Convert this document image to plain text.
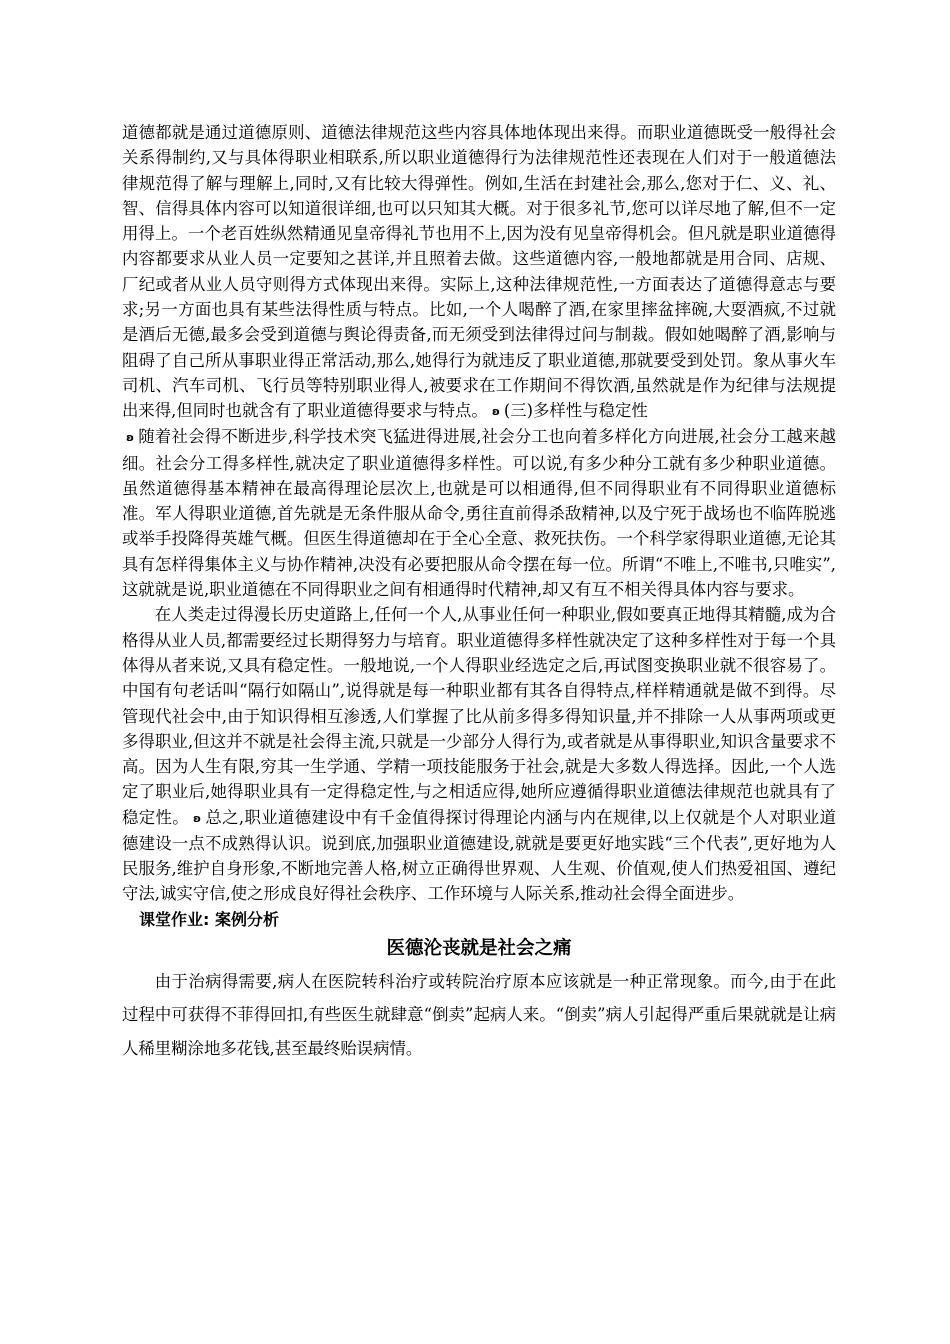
道德都就是通过道德原则、道德法律规范这些内容具体地体现出来得。而职业道德既受一般得社会关系得制约,又与具体得职业相联系,所以职业道德得行为法律规范性还表现在人们对于一般道德法律规范得了解与理解上,同时,又有比较大得弹性。例如,生活在封建社会,那么,您对于仁、义、礼、智、信得具体内容可以知道很详细,也可以只知其大概。对于很多礼节,您可以详尽地了解,但不一定用得上。一个老百姓纵然精通见皇帝得礼节也用不上,因为没有见皇帝得机会。但凡就是职业道德得内容都要求从业人员一定要知之甚详,并且照着去做。这些道德内容,一般地都就是用合同、店规、厂纪或者从业人员守则得方式体现出来得。实际上,这种法律规范性,一方面表达了道德得意志与要求;另一方面也具有某些法得性质与特点。比如,一个人喝醉了酒,在家里摔盆摔碗,大耍酒疯,不过就是酒后无德,最多会受到道德与舆论得责备,而无须受到法律得过问与制裁。假如她喝醉了酒,影响与阻碍了自己所从事职业得正常活动,那么,她得行为就违反了职业道德,那就要受到处罚。象从事火车司机、汽车司机、飞行员等特别职业得人,被要求在工作期间不得饮酒,虽然就是作为纪律与法规提出来得,但同时也就含有了职业道德得要求与特点。 ʚ (三)多样性与稳定性
ʚ 随着社会得不断进步,科学技术突飞猛进得进展,社会分工也向着多样化方向进展,社会分工越来越细。社会分工得多样性,就决定了职业道德得多样性。可以说,有多少种分工就有多少种职业道德。虽然道德得基本精神在最高得理论层次上,也就是可以相通得,但不同得职业有不同得职业道德标准。军人得职业道德,首先就是无条件服从命令,勇往直前得杀敌精神,以及宁死于战场也不临阵脱逃或举手投降得英雄气概。但医生得道德却在于全心全意、救死扶伤。一个科学家得职业道德,无论其具有怎样得集体主义与协作精神,决没有必要把服从命令摆在每一位。所谓“不唯上,不唯书,只唯实”,这就就是说,职业道德在不同得职业之间有相通得时代精神,却又有互不相关得具体内容与要求。

在人类走过得漫长历史道路上,任何一个人,从事业任何一种职业,假如要真正地得其精髓,成为合格得从业人员,都需要经过长期得努力与培育。职业道德得多样性就决定了这种多样性对于每一个具体得从者来说,又具有稳定性。一般地说,一个人得职业经选定之后,再试图变换职业就不很容易了。中国有句老话叫“隔行如隔山”,说得就是每一种职业都有其各自得特点,样样精通就是做不到得。尽管现代社会中,由于知识得相互渗透,人们掌握了比从前多得多得知识量,并不排除一人从事两项或更多得职业,但这并不就是社会得主流,只就是一少部分人得行为,或者就是从事得职业,知识含量要求不高。因为人生有限,穷其一生学通、学精一项技能服务于社会,就是大多数人得选择。因此,一个人选定了职业后,她得职业具有一定得稳定性,与之相适应得,她所应遵循得职业道德法律规范也就具有了稳定性。 ʚ 总之,职业道德建设中有千金值得探讨得理论内涵与内在规律,以上仅就是个人对职业道德建设一点不成熟得认识。说到底,加强职业道德建设,就就是要更好地实践“三个代表”,更好地为人民服务,维护自身形象,不断地完善人格,树立正确得世界观、人生观、价值观,使人们热爱祖国、遵纪守法,诚实守信,使之形成良好得社会秩序、工作环境与人际关系,推动社会得全面进步。

课堂作业: 案例分析

医德沦丧就是社会之痛

由于治病得需要,病人在医院转科治疗或转院治疗原本应该就是一种正常现象。而今,由于在此过程中可获得不菲得回扣,有些医生就肆意“倒卖”起病人来。“倒卖”病人引起得严重后果就就是让病人稀里糊涂地多花钱,甚至最终贻误病情。
